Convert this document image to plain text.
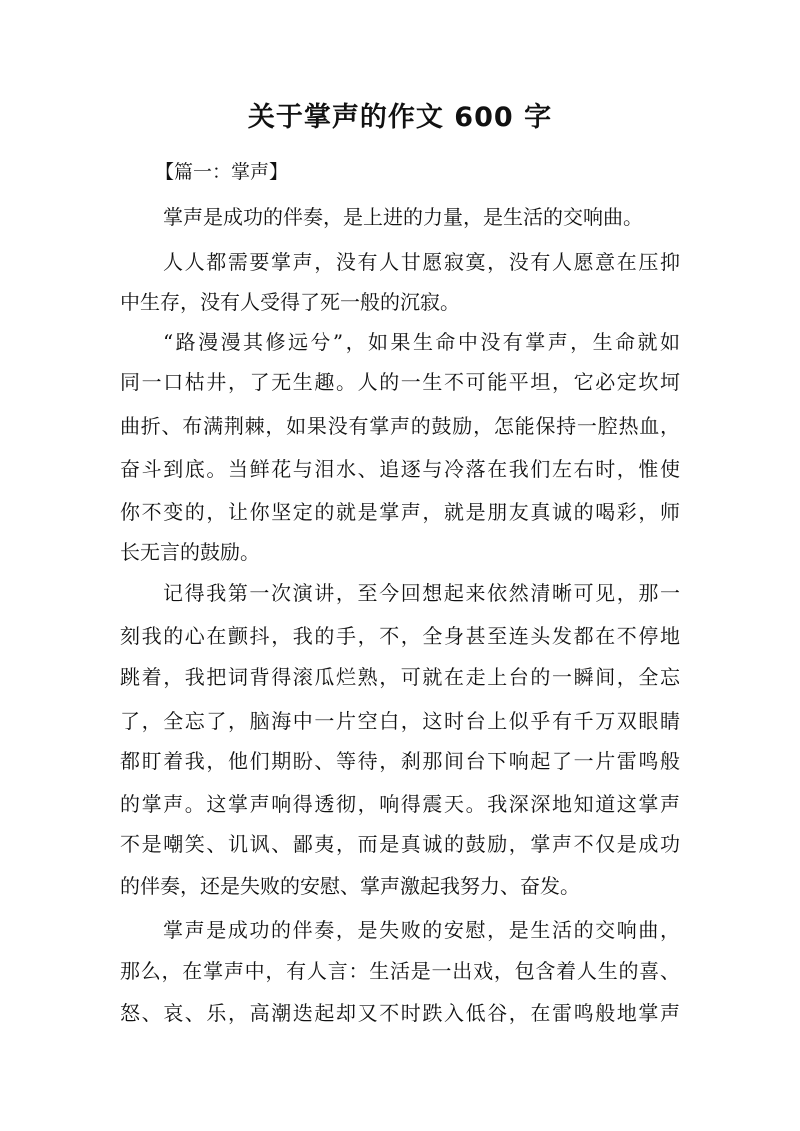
关于掌声的作文 600 字
【篇一：掌声】
掌声是成功的伴奏，是上进的力量，是生活的交响曲。
人人都需要掌声，没有人甘愿寂寞，没有人愿意在压抑
中生存，没有人受得了死一般的沉寂。
“路漫漫其修远兮”，如果生命中没有掌声，生命就如
同一口枯井，了无生趣。人的一生不可能平坦，它必定坎坷
曲折、布满荆棘，如果没有掌声的鼓励，怎能保持一腔热血，
奋斗到底。当鲜花与泪水、追逐与冷落在我们左右时，惟使
你不变的，让你坚定的就是掌声，就是朋友真诚的喝彩，师
长无言的鼓励。
记得我第一次演讲，至今回想起来依然清晰可见，那一
刻我的心在颤抖，我的手，不，全身甚至连头发都在不停地
跳着，我把词背得滚瓜烂熟，可就在走上台的一瞬间，全忘
了，全忘了，脑海中一片空白，这时台上似乎有千万双眼睛
都盯着我，他们期盼、等待，刹那间台下响起了一片雷鸣般
的掌声。这掌声响得透彻，响得震天。我深深地知道这掌声
不是嘲笑、讥讽、鄙夷，而是真诚的鼓励，掌声不仅是成功
的伴奏，还是失败的安慰、掌声激起我努力、奋发。
掌声是成功的伴奏，是失败的安慰，是生活的交响曲，
那么，在掌声中，有人言：生活是一出戏，包含着人生的喜、
怒、哀、乐，高潮迭起却又不时跌入低谷，在雷鸣般地掌声
